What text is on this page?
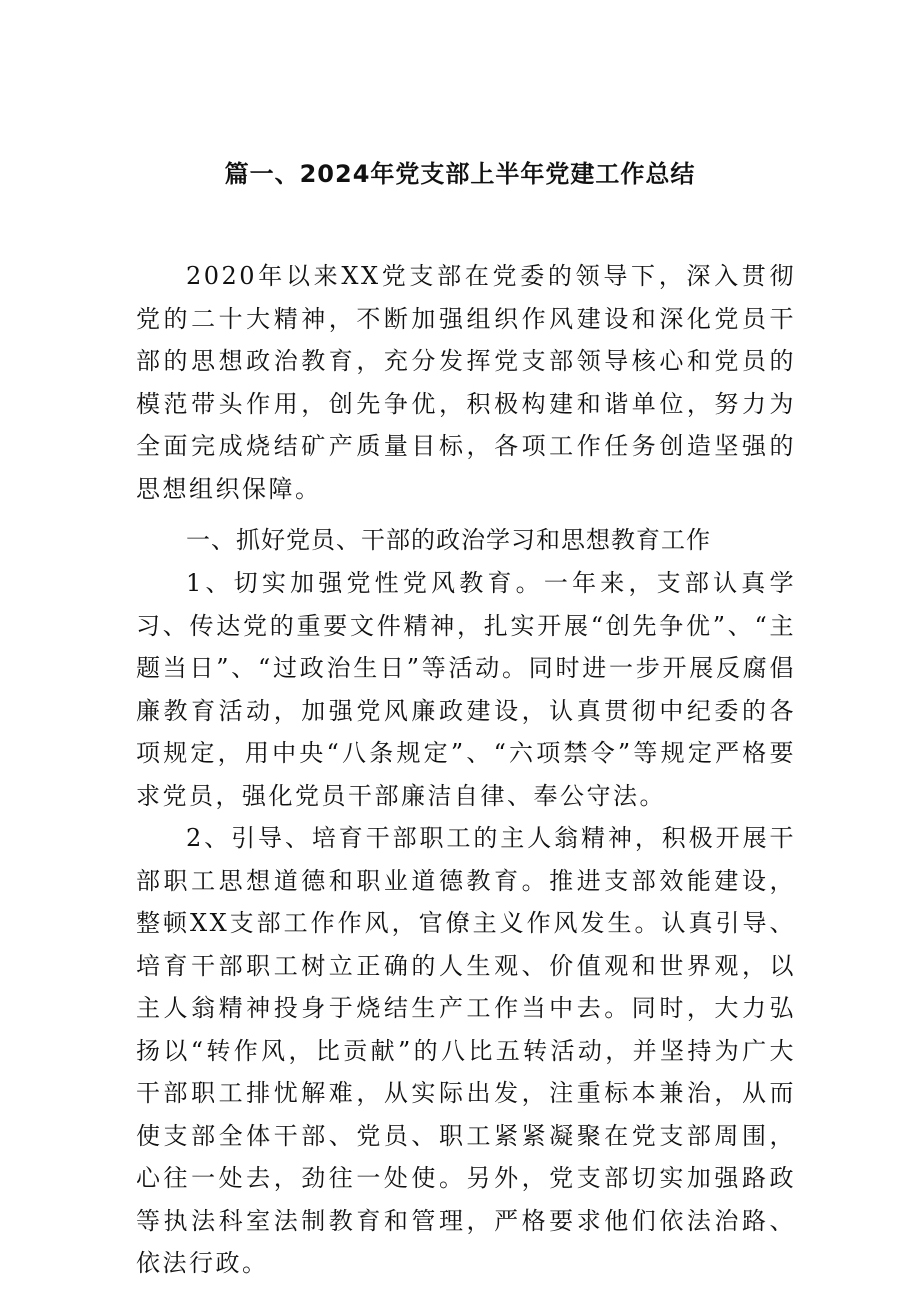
篇一、2024年党支部上半年党建工作总结

2020年以来XX党支部在党委的领导下，深入贯彻党的二十大精神，不断加强组织作风建设和深化党员干部的思想政治教育，充分发挥党支部领导核心和党员的模范带头作用，创先争优，积极构建和谐单位，努力为全面完成烧结矿产质量目标，各项工作任务创造坚强的思想组织保障。

一、抓好党员、干部的政治学习和思想教育工作

1、切实加强党性党风教育。一年来，支部认真学习、传达党的重要文件精神，扎实开展“创先争优”、“主题当日”、“过政治生日”等活动。同时进一步开展反腐倡廉教育活动，加强党风廉政建设，认真贯彻中纪委的各项规定，用中央“八条规定”、“六项禁令”等规定严格要求党员，强化党员干部廉洁自律、奉公守法。

2、引导、培育干部职工的主人翁精神，积极开展干部职工思想道德和职业道德教育。推进支部效能建设，整顿XX支部工作作风，官僚主义作风发生。认真引导、培育干部职工树立正确的人生观、价值观和世界观，以主人翁精神投身于烧结生产工作当中去。同时，大力弘扬以“转作风，比贡献”的八比五转活动，并坚持为广大干部职工排忧解难，从实际出发，注重标本兼治，从而使支部全体干部、党员、职工紧紧凝聚在党支部周围，心往一处去，劲往一处使。另外，党支部切实加强路政等执法科室法制教育和管理，严格要求他们依法治路、依法行政。
